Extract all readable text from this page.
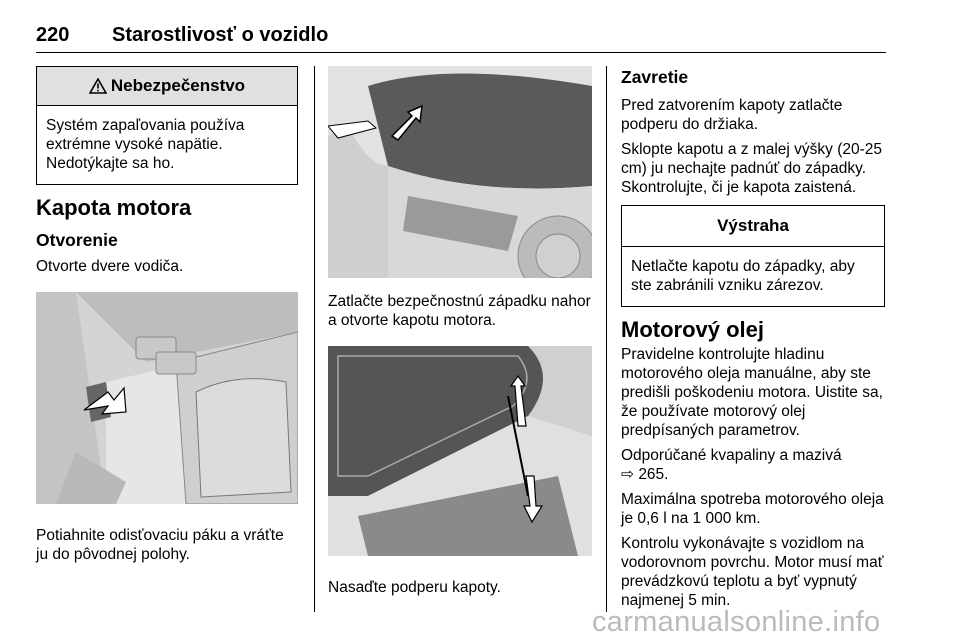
220 Starostlivosť o vozidlo
Nebezpečenstvo
Systém zapaľovania používa extrémne vysoké napätie. Nedotýkajte sa ho.
Kapota motora
Otvorenie

Otvorte dvere vodiča.

Potiahnite odisťovaciu páku a vráťte ju do pôvodnej polohy.

Zatlačte bezpečnostnú západku nahor a otvorte kapotu motora.

Nasaďte podperu kapoty.

Zavretie

Pred zatvorením kapoty zatlačte podperu do držiaka.

Sklopte kapotu a z malej výšky (20-25 cm) ju nechajte padnúť do západky. Skontrolujte, či je kapota zaistená.

Výstraha
Netlačte kapotu do západky, aby ste zabránili vzniku zárezov.
Motorový olej

Pravidelne kontrolujte hladinu motorového oleja manuálne, aby ste predišli poškodeniu motora. Uistite sa, že používate motorový olej predpísaných parametrov.

Odporúčané kvapaliny a mazivá
⇨ 265.

Maximálna spotreba motorového oleja je 0,6 l na 1 000 km.

Kontrolu vykonávajte s vozidlom na vodorovnom povrchu. Motor musí mať prevádzkovú teplotu a byť vypnutý najmenej 5 min.

carmanualsonline.info
